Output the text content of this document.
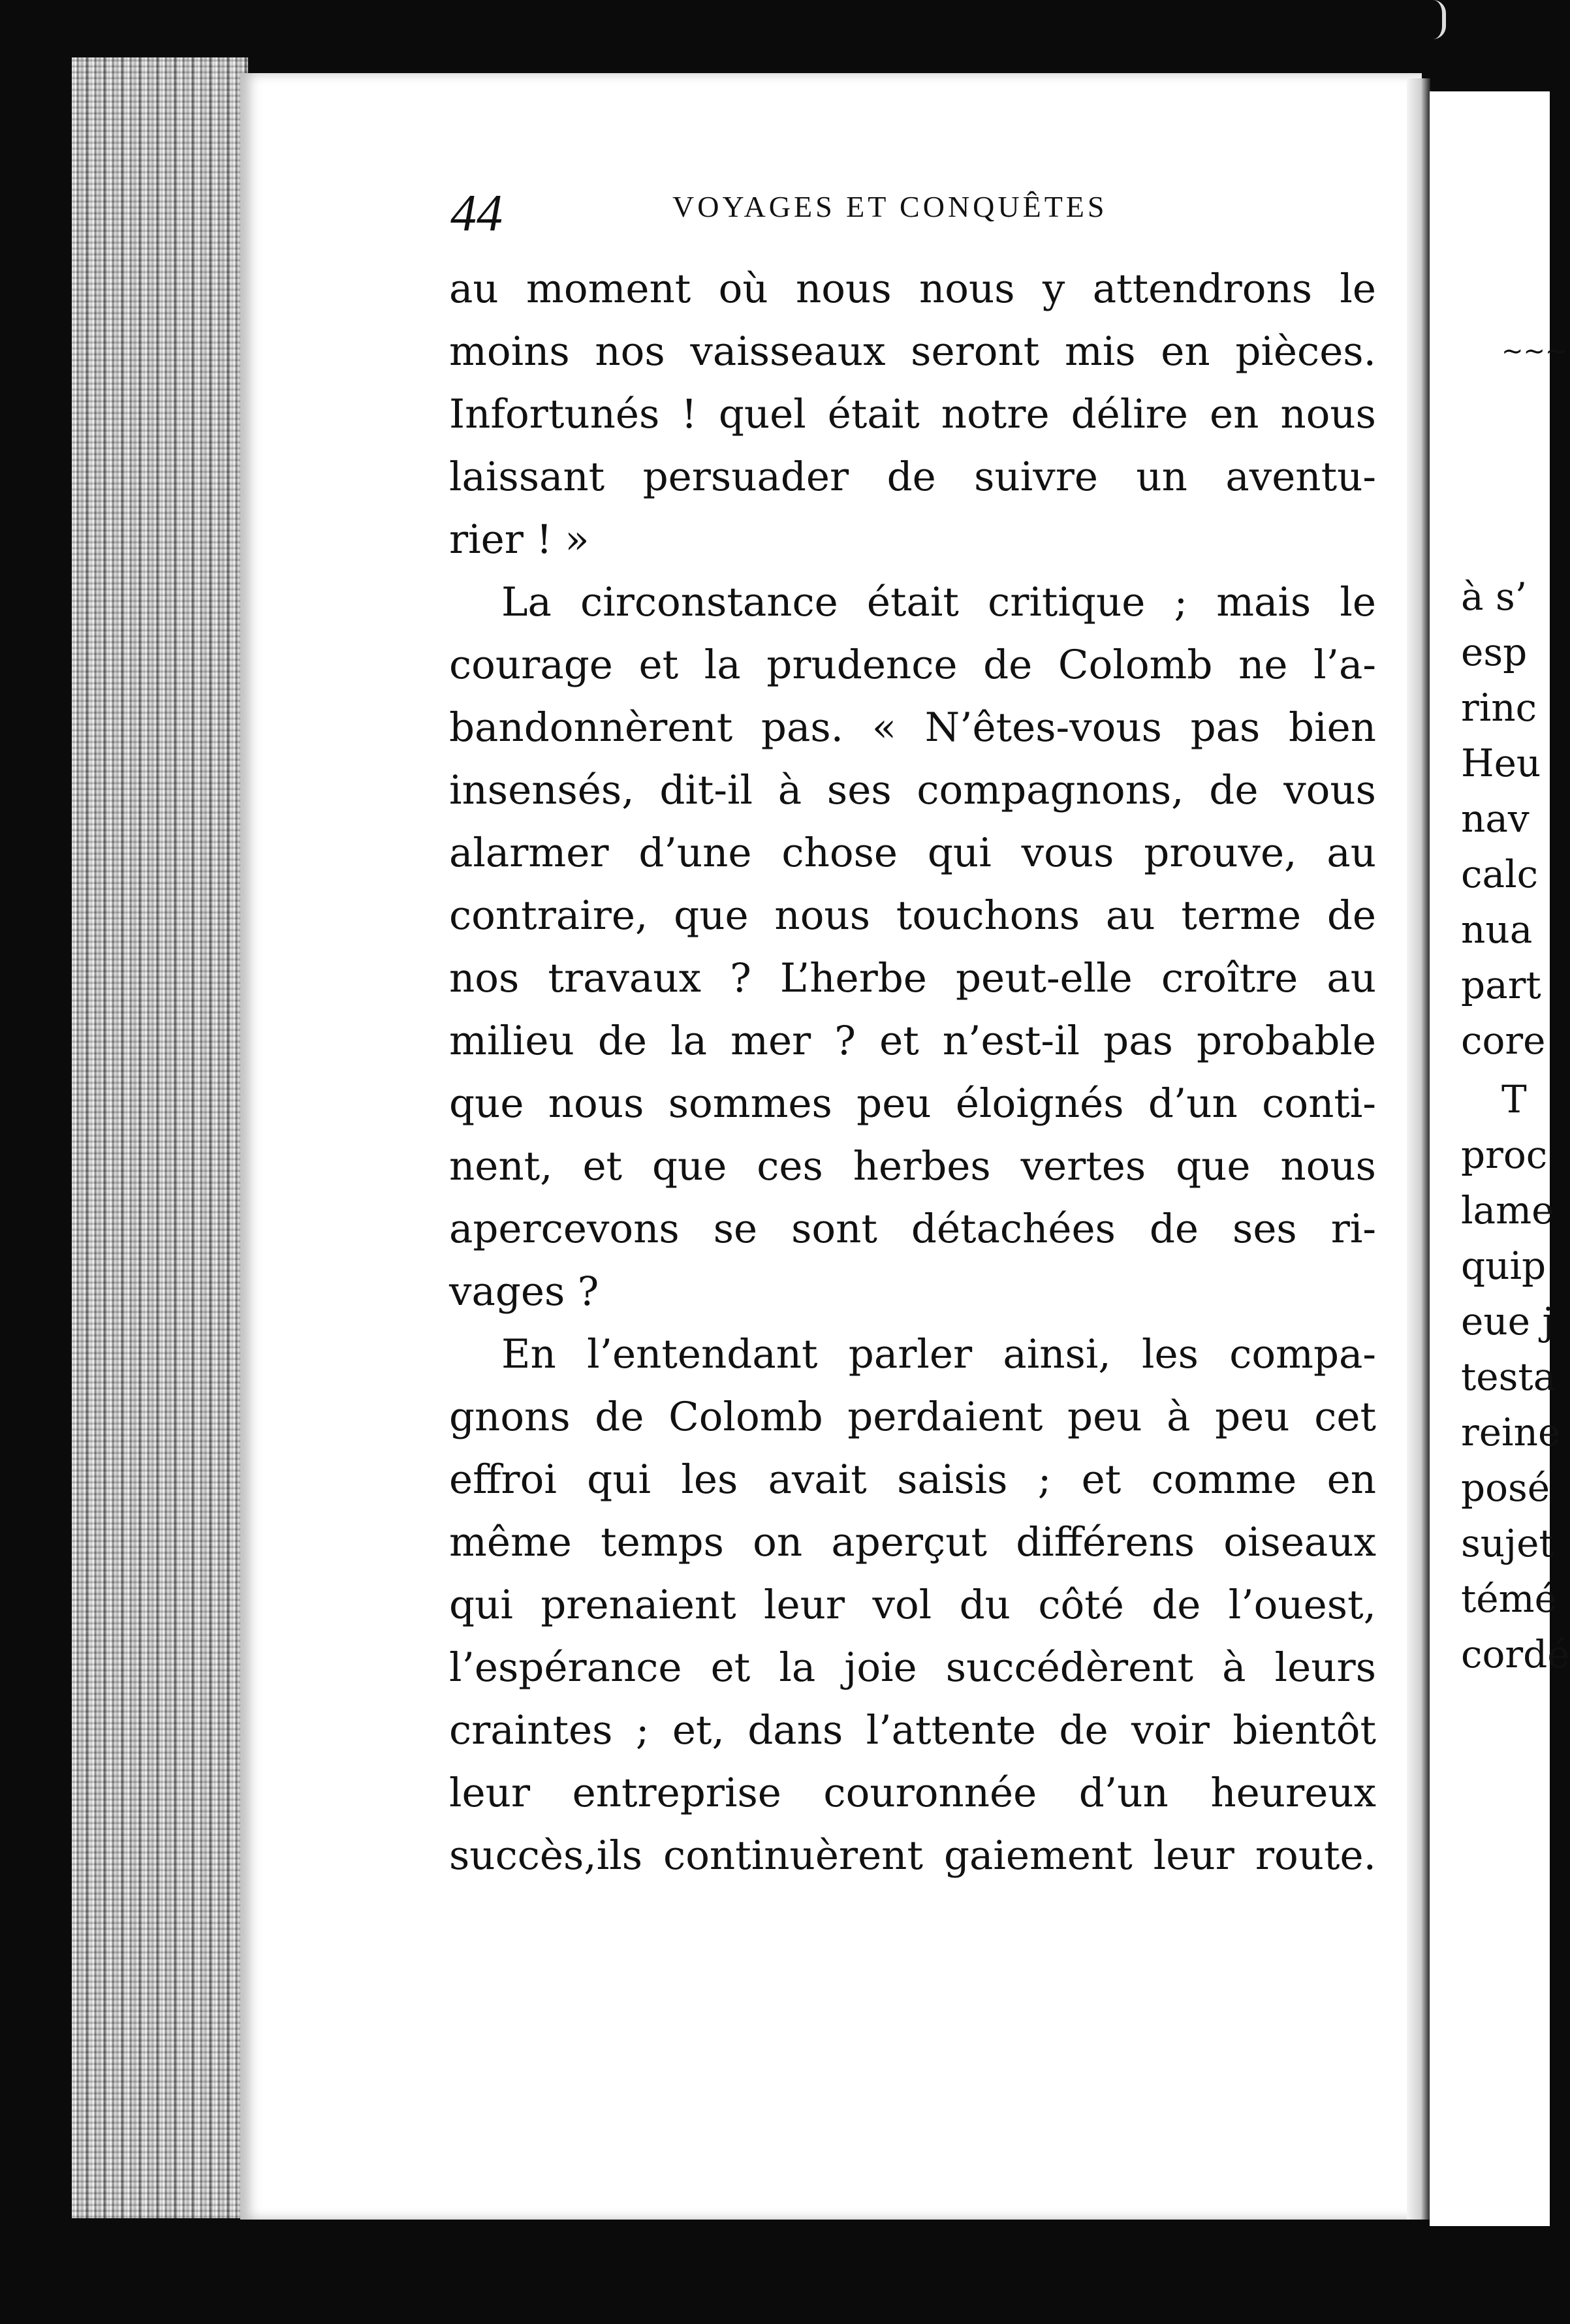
44	VOYAGES ET CONQUÊTES
au moment où nous nous y attendrons le
moins nos vaisseaux seront mis en pièces.
Infortunés ! quel était notre délire en nous
laissant persuader de suivre un aventu-
rier ! »
La circonstance était critique ; mais le
courage et la prudence de Colomb ne l’a-
bandonnèrent pas. « N’êtes-vous pas bien
insensés, dit-il à ses compagnons, de vous
alarmer d’une chose qui vous prouve, au
contraire, que nous touchons au terme de
nos travaux ? L’herbe peut-elle croître au
milieu de la mer ? et n’est-il pas probable
que nous sommes peu éloignés d’un conti-
nent, et que ces herbes vertes que nous
apercevons se sont détachées de ses ri-
vages ?
En l’entendant parler ainsi, les compa-
gnons de Colomb perdaient peu à peu cet
effroi qui les avait saisis ; et comme en
même temps on aperçut différens oiseaux
qui prenaient leur vol du côté de l’ouest,
l’espérance et la joie succédèrent à leurs
craintes ; et, dans l’attente de voir bientôt
leur entreprise couronnée d’un heureux
succès,ils continuèrent gaiement leur route.
à s’
esp
rinc
Heu
nav
calc
nua
part
core
T
proc
lame
quip
eue j
testa
reine
posé
sujet
témé
cordé
~~~
